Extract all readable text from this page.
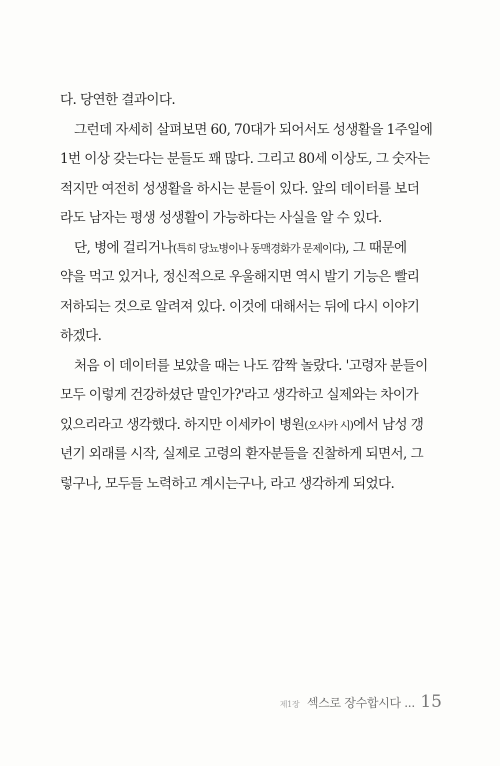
다. 당연한 결과이다.

그런데 자세히 살펴보면 60, 70대가 되어서도 성생활을 1주일에
1번 이상 갖는다는 분들도 꽤 많다. 그리고 80세 이상도, 그 숫자는
적지만 여전히 성생활을 하시는 분들이 있다. 앞의 데이터를 보더
라도 남자는 평생 성생활이 가능하다는 사실을 알 수 있다.

단, 병에 걸리거나(특히 당뇨병이나 동맥경화가 문제이다), 그 때문에
약을 먹고 있거나, 정신적으로 우울해지면 역시 발기 기능은 빨리
저하되는 것으로 알려져 있다. 이것에 대해서는 뒤에 다시 이야기
하겠다.

처음 이 데이터를 보았을 때는 나도 깜짝 놀랐다. '고령자 분들이
모두 이렇게 건강하셨단 말인가?'라고 생각하고 실제와는 차이가
있으리라고 생각했다. 하지만 이세카이 병원(오사카 시)에서 남성 갱
년기 외래를 시작, 실제로 고령의 환자분들을 진찰하게 되면서, 그
렇구나, 모두들 노력하고 계시는구나, 라고 생각하게 되었다.

제1장 섹스로 장수합시다 ... 15
